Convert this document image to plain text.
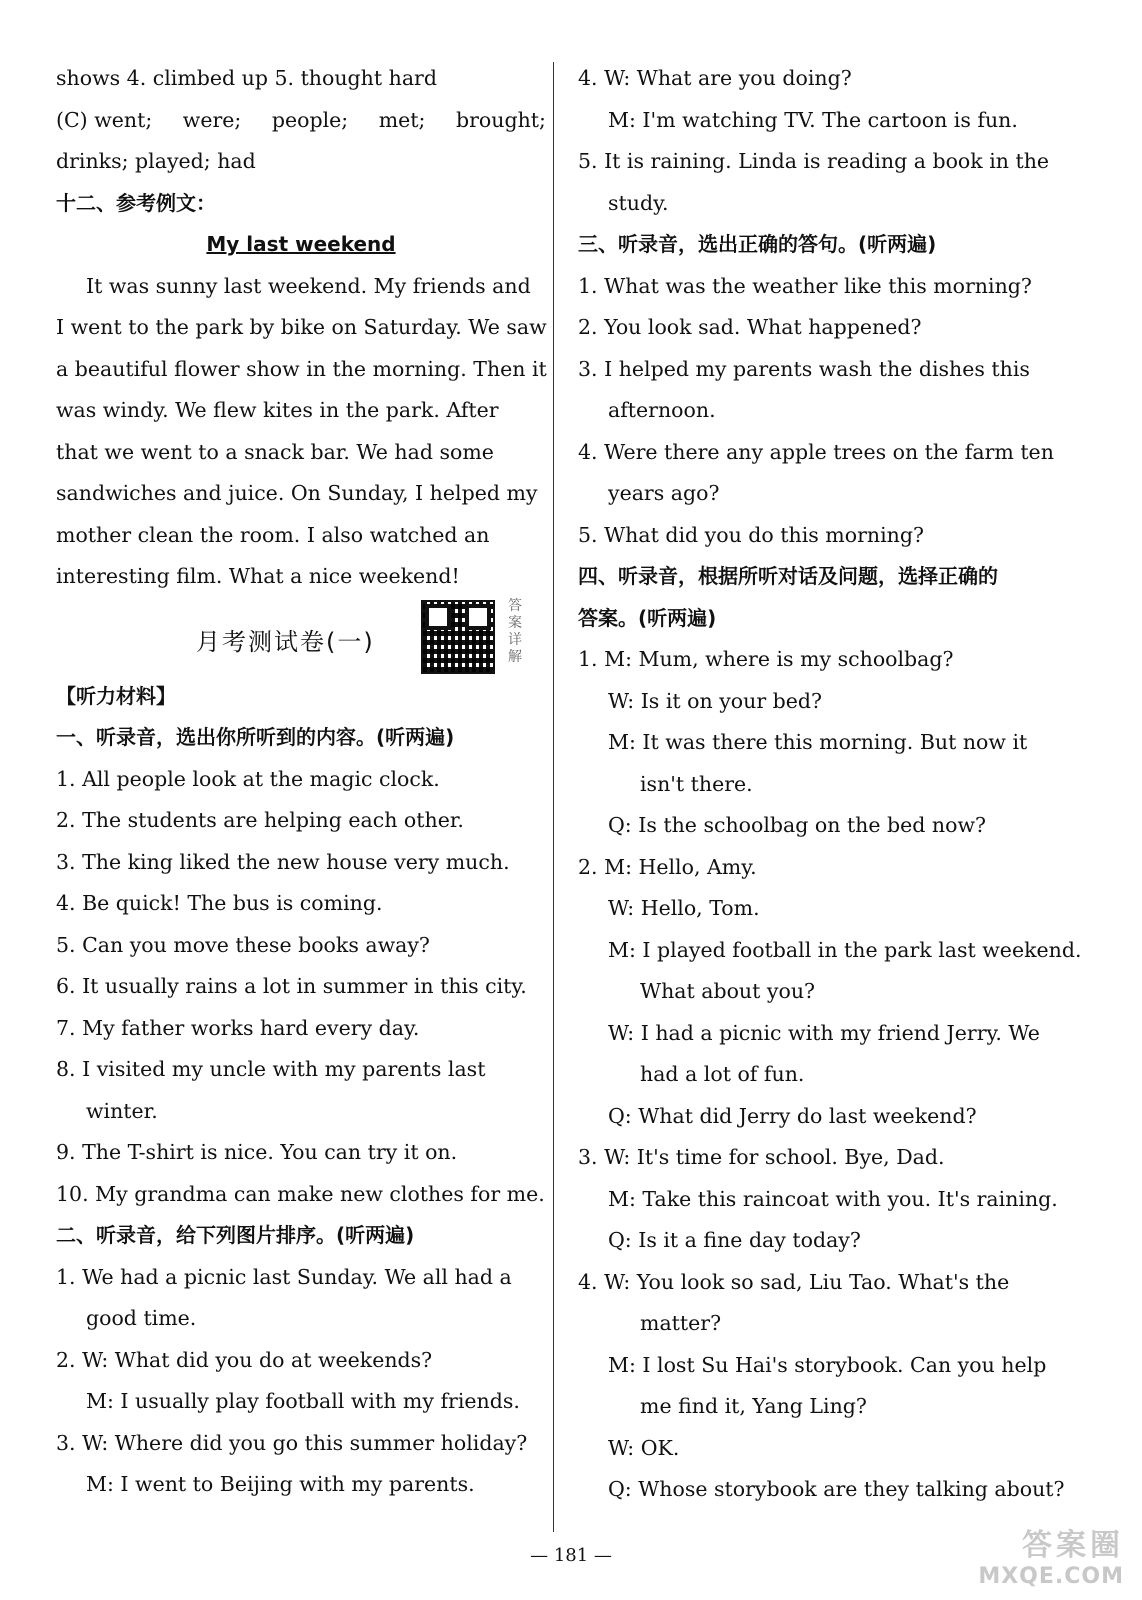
shows 4. climbed up 5. thought hard
(C) went; were; people; met; brought;
drinks; played; had
十二、参考例文：
My last weekend
It was sunny last weekend. My friends and
I went to the park by bike on Saturday. We saw
a beautiful flower show in the morning. Then it
was windy. We flew kites in the park. After
that we went to a snack bar. We had some
sandwiches and juice. On Sunday, I helped my
mother clean the room. I also watched an
interesting film. What a nice weekend!
月考测试卷(一)
答案详解
【听力材料】
一、听录音，选出你所听到的内容。(听两遍)
1. All people look at the magic clock.
2. The students are helping each other.
3. The king liked the new house very much.
4. Be quick! The bus is coming.
5. Can you move these books away?
6. It usually rains a lot in summer in this city.
7. My father works hard every day.
8. I visited my uncle with my parents last
winter.
9. The T-shirt is nice. You can try it on.
10. My grandma can make new clothes for me.
二、听录音，给下列图片排序。(听两遍)
1. We had a picnic last Sunday. We all had a
good time.
2. W: What did you do at weekends?
M: I usually play football with my friends.
3. W: Where did you go this summer holiday?
M: I went to Beijing with my parents.
4. W: What are you doing?
M: I'm watching TV. The cartoon is fun.
5. It is raining. Linda is reading a book in the
study.
三、听录音，选出正确的答句。(听两遍)
1. What was the weather like this morning?
2. You look sad. What happened?
3. I helped my parents wash the dishes this
afternoon.
4. Were there any apple trees on the farm ten
years ago?
5. What did you do this morning?
四、听录音，根据所听对话及问题，选择正确的
答案。(听两遍)
1. M: Mum, where is my schoolbag?
W: Is it on your bed?
M: It was there this morning. But now it
isn't there.
Q: Is the schoolbag on the bed now?
2. M: Hello, Amy.
W: Hello, Tom.
M: I played football in the park last weekend.
What about you?
W: I had a picnic with my friend Jerry. We
had a lot of fun.
Q: What did Jerry do last weekend?
3. W: It's time for school. Bye, Dad.
M: Take this raincoat with you. It's raining.
Q: Is it a fine day today?
4. W: You look so sad, Liu Tao. What's the
matter?
M: I lost Su Hai's storybook. Can you help
me find it, Yang Ling?
W: OK.
Q: Whose storybook are they talking about?
— 181 —	答案圈
MXQE.COM
